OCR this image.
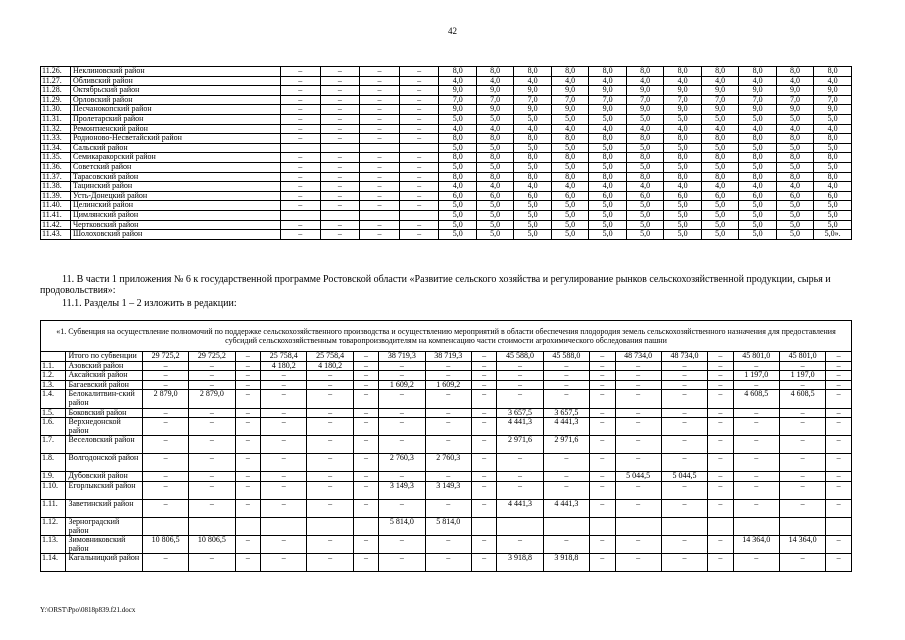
42
11.26.	Неклиновский район	–	–	–	–	8,0	8,0	8,0	8,0	8,0	8,0	8,0	8,0	8,0	8,0	8,0
11.27.	Обливский район	–	–	–	–	4,0	4,0	4,0	4,0	4,0	4,0	4,0	4,0	4,0	4,0	4,0
11.28.	Октябрьский район	–	–	–	–	9,0	9,0	9,0	9,0	9,0	9,0	9,0	9,0	9,0	9,0	9,0
11.29.	Орловский район	–	–	–	–	7,0	7,0	7,0	7,0	7,0	7,0	7,0	7,0	7,0	7,0	7,0
11.30.	Песчанокопский район	–	–	–	–	9,0	9,0	9,0	9,0	9,0	9,0	9,0	9,0	9,0	9,0	9,0
11.31.	Пролетарский район	–	–	–	–	5,0	5,0	5,0	5,0	5,0	5,0	5,0	5,0	5,0	5,0	5,0
11.32.	Ремонтненский район	–	–	–	–	4,0	4,0	4,0	4,0	4,0	4,0	4,0	4,0	4,0	4,0	4,0
11.33.	Родионово-Несветайский район	–	–	–	–	8,0	8,0	8,0	8,0	8,0	8,0	8,0	8,0	8,0	8,0	8,0
11.34.	Сальский район					5,0	5,0	5,0	5,0	5,0	5,0	5,0	5,0	5,0	5,0	5,0
11.35.	Семикаракорский район	–	–	–	–	8,0	8,0	8,0	8,0	8,0	8,0	8,0	8,0	8,0	8,0	8,0
11.36.	Советский район	–	–	–	–	5,0	5,0	5,0	5,0	5,0	5,0	5,0	5,0	5,0	5,0	5,0
11.37.	Тарасовский район	–	–	–	–	8,0	8,0	8,0	8,0	8,0	8,0	8,0	8,0	8,0	8,0	8,0
11.38.	Тацинский район	–	–	–	–	4,0	4,0	4,0	4,0	4,0	4,0	4,0	4,0	4,0	4,0	4,0
11.39.	Усть-Донецкий район	–	–	–	–	6,0	6,0	6,0	6,0	6,0	6,0	6,0	6,0	6,0	6,0	6,0
11.40.	Целинский район	–	–	–	–	5,0	5,0	5,0	5,0	5,0	5,0	5,0	5,0	5,0	5,0	5,0
11.41.	Цимлянский район					5,0	5,0	5,0	5,0	5,0	5,0	5,0	5,0	5,0	5,0	5,0
11.42.	Чертковский район	–	–	–	–	5,0	5,0	5,0	5,0	5,0	5,0	5,0	5,0	5,0	5,0	5,0
11.43.	Шолоховский район	–	–	–	–	5,0	5,0	5,0	5,0	5,0	5,0	5,0	5,0	5,0	5,0	5,0».
11. В части 1 приложения № 6 к государственной программе Ростовской области «Развитие сельского хозяйства и регулирование рынков сельскохозяйственной продукции, сырья и продовольствия»:
11.1. Разделы 1 – 2 изложить в редакции:
«1. Субвенция на осуществление полномочий по поддержке сельскохозяйственного производства и осуществлению мероприятий в области обеспечения плодородия земель сельскохозяйственного назначения для предоставления субсидий сельскохозяйственным товаропроизводителям на компенсацию части стоимости агрохимического обследования пашни																			
	Итого по субвенции	29 725,2	29 725,2	–	25 758,4	25 758,4	–	38 719,3	38 719,3	–	45 588,0	45 588,0	–	48 734,0	48 734,0	–	45 801,0	45 801,0	–
1.1.	Азовский район	–	–	–	4 180,2	4 180,2	–	–	–	–	–	–	–	–	–	–	–	–	–
1.2.	Аксайский район	–	–	–	–	–	–	–	–	–	–	–	–	–	–	–	1 197,0	1 197,0	–
1.3.	Багаевский район	–	–	–	–	–	–	1 609,2	1 609,2	–	–	–	–	–	–	–	–	–	–
1.4.	Белокалитвин-ский район	2 879,0	2 879,0	–	–	–	–	–	–	–	–	–	–	–	–	–	4 608,5	4 608,5	–
1.5.	Боковский район	–	–	–	–	–	–	–	–	–	3 657,5	3 657,5	–	–	–	–	–	–	–
1.6.	Верхнедонской район	–	–	–	–	–	–	–	–	–	4 441,3	4 441,3	–	–	–	–	–	–	–
1.7.	Веселовский район	–	–	–	–	–	–	–	–	–	2 971,6	2 971,6	–	–	–	–	–	–	–
1.8.	Волгодонской район	–	–	–	–	–	–	2 760,3	2 760,3	–	–	–	–	–	–	–	–	–	–
1.9.	Дубовский район	–	–	–	–	–	–	–	–	–	–	–	–	5 044,5	5 044,5	–	–	–	–
1.10.	Егорлыкский район	–	–	–	–	–	–	3 149,3	3 149,3	–	–	–	–	–	–	–	–	–	–
1.11.	Заветинский район	–	–	–	–	–	–	–	–	–	4 441,3	4 441,3	–	–	–	–	–	–	–
1.12.	Зерноградский район							5 814,0	5 814,0										
1.13.	Зимовниковский район	10 806,5	10 806,5	–	–	–	–	–	–	–	–	–	–	–	–	–	14 364,0	14 364,0	–
1.14.	Кагальницкий район	–	–	–	–	–	–	–	–	–	3 918,8	3 918,8	–	–	–	–	–	–	–
Y:\ORST\Ppo\0818p839.f21.docx
